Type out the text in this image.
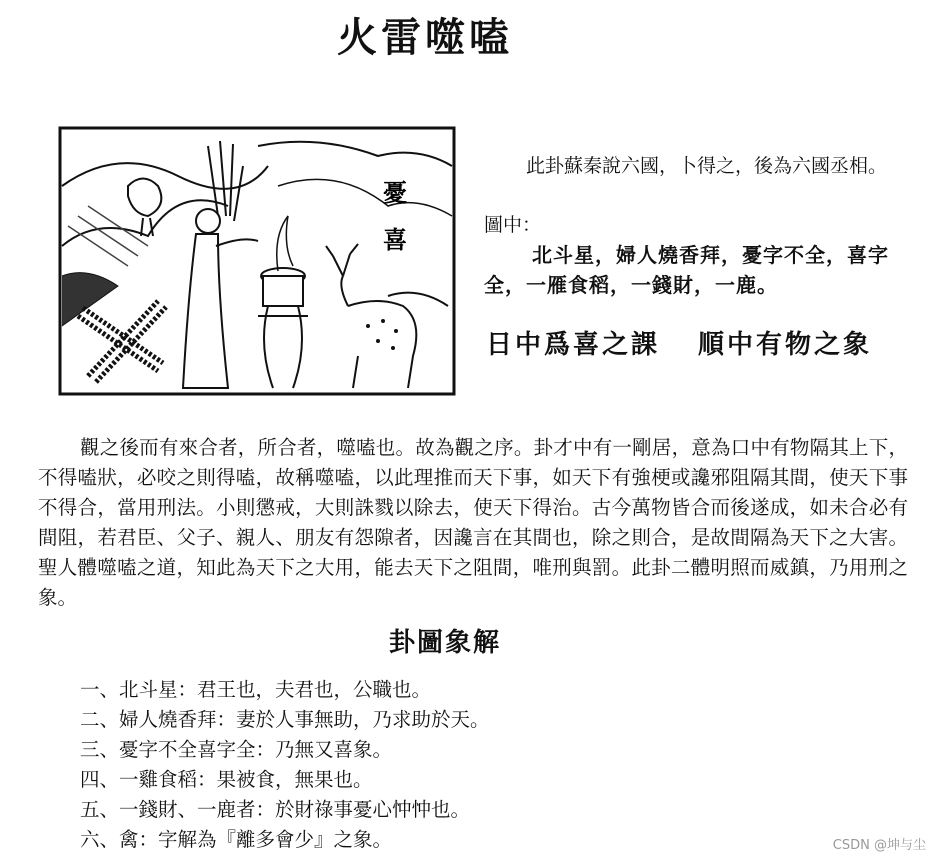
火雷噬嗑
憂
喜
此卦蘇秦說六國，卜得之，後為六國丞相。
圖中：
北斗星，婦人燒香拜，憂字不全，喜字全，一雁食稻，一錢財，一鹿。
日中爲喜之課 順中有物之象
觀之後而有來合者，所合者，噬嗑也。故為觀之序。卦才中有一剛居，意為口中有物隔其上下，不得嗑狀，必咬之則得嗑，故稱噬嗑，以此理推而天下事，如天下有強梗或讒邪阻隔其間，使天下事不得合，當用刑法。小則懲戒，大則誅戮以除去，使天下得治。古今萬物皆合而後遂成，如未合必有間阻，若君臣、父子、親人、朋友有怨隙者，因讒言在其間也，除之則合，是故間隔為天下之大害。聖人體噬嗑之道，知此為天下之大用，能去天下之阻間，唯刑與罰。此卦二體明照而威鎮，乃用刑之象。
卦圖象解
一、北斗星：君王也，夫君也，公職也。
二、婦人燒香拜：妻於人事無助，乃求助於天。
三、憂字不全喜字全：乃無又喜象。
四、一雞食稻：果被食，無果也。
五、一錢財、一鹿者：於財祿事憂心忡忡也。
六、禽：字解為『離多會少』之象。	CSDN @坤与尘
